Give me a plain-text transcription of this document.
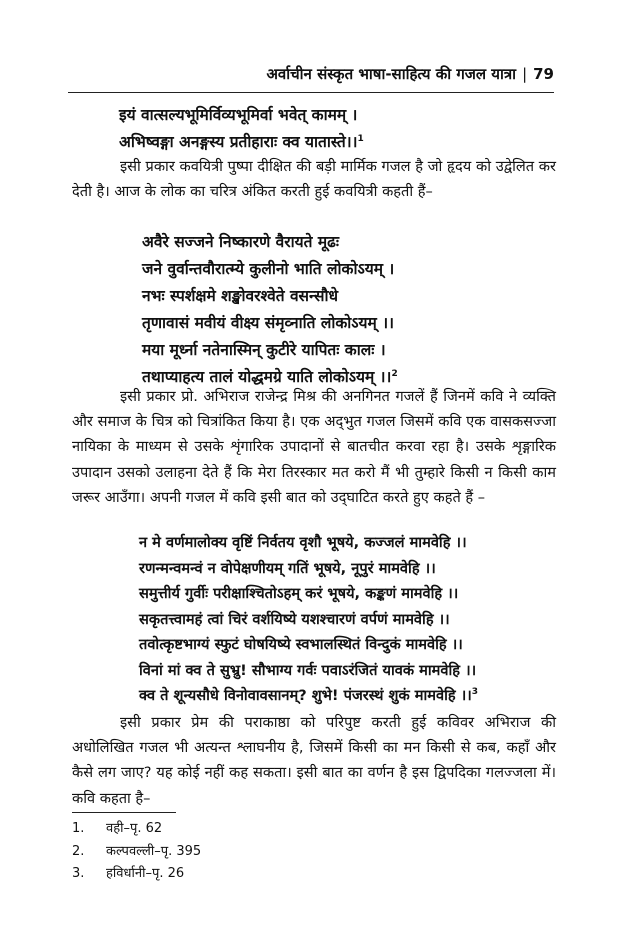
अर्वाचीन संस्कृत भाषा-साहित्य की गजल यात्रा | 79
इयं वात्सल्यभूमिर्विव्यभूमिर्वा भवेत् कामम् ।
अभिष्वङ्गा अनङ्गस्य प्रतीहाराः क्व यातास्ते।।$^1$
इसी प्रकार कवयित्री पुष्पा दीक्षित की बड़ी मार्मिक गजल है जो हृदय को उद्वेलित कर देती है। आज के लोक का चरित्र अंकित करती हुई कवयित्री कहती हैं–
अवैरे सज्जने निष्कारणे वैरायते मूढः
जने वुर्वान्तवौरात्म्ये कुलीनो भाति लोकोऽयम् ।
नभः स्पर्शक्षमे शङ्खोवरश्वेते वसन्सौधे
तृणावासं मवीयं वीक्ष्य संमृव्नाति लोकोऽयम् ।।
मया मूर्ध्ना नतेनास्मिन् कुटीरे यापितः कालः ।
तथाप्याहत्य तालं योद्धमग्रे याति लोकोऽयम् ।।$^2$
इसी प्रकार प्रो. अभिराज राजेन्द्र मिश्र की अनगिनत गजलें हैं जिनमें कवि ने व्यक्ति और समाज के चित्र को चित्रांकित किया है। एक अद्‌भुत गजल जिसमें कवि एक वासकसज्जा नायिका के माध्यम से उसके शृंगारिक उपादानों से बातचीत करवा रहा है। उसके शृङ्गारिक उपादान उसको उलाहना देते हैं कि मेरा तिरस्कार मत करो मैं भी तुम्हारे किसी न किसी काम जरूर आउँगा। अपनी गजल में कवि इसी बात को उद्‌घाटित करते हुए कहते हैं –
न मे वर्णमालोक्य वृष्टिं निर्वतय वृशौ भूषये, कज्जलं मामवेहि ।।
रणन्मन्वमन्वं न वोपेक्षणीयम् गतिं भूषये, नूपुरं मामवेहि ।।
समुत्तीर्य गुर्वीः परीक्षाश्चितोऽहम् करं भूषये, कङ्कणं मामवेहि ।।
सकृतत्त्वामहं त्वां चिरं वर्शयिष्ये यशश्चारणं वर्पणं मामवेहि ।।
तवोत्कृष्टभाग्यं स्फुटं घोषयिष्ये स्वभालस्थितं विन्दुकं मामवेहि ।।
विनां मां क्व ते सुभ्रु! सौभाग्य गर्वः पवाऽरंजितं यावकं मामवेहि ।।
क्व ते शून्यसौधे विनोवावसानम्? शुभे! पंजरस्थं शुकं मामवेहि ।।$^3$
इसी प्रकार प्रेम की पराकाष्ठा को परिपुष्ट करती हुई कविवर अभिराज की अधोलिखित गजल भी अत्यन्त श्लाघनीय है, जिसमें किसी का मन किसी से कब, कहाँ और कैसे लग जाए? यह कोई नहीं कह सकता। इसी बात का वर्णन है इस द्विपदिका गलज्जला में। कवि कहता है–
1. वही–पृ. 62
2. कल्पवल्ली–पृ. 395
3. हविर्धानी–पृ. 26
